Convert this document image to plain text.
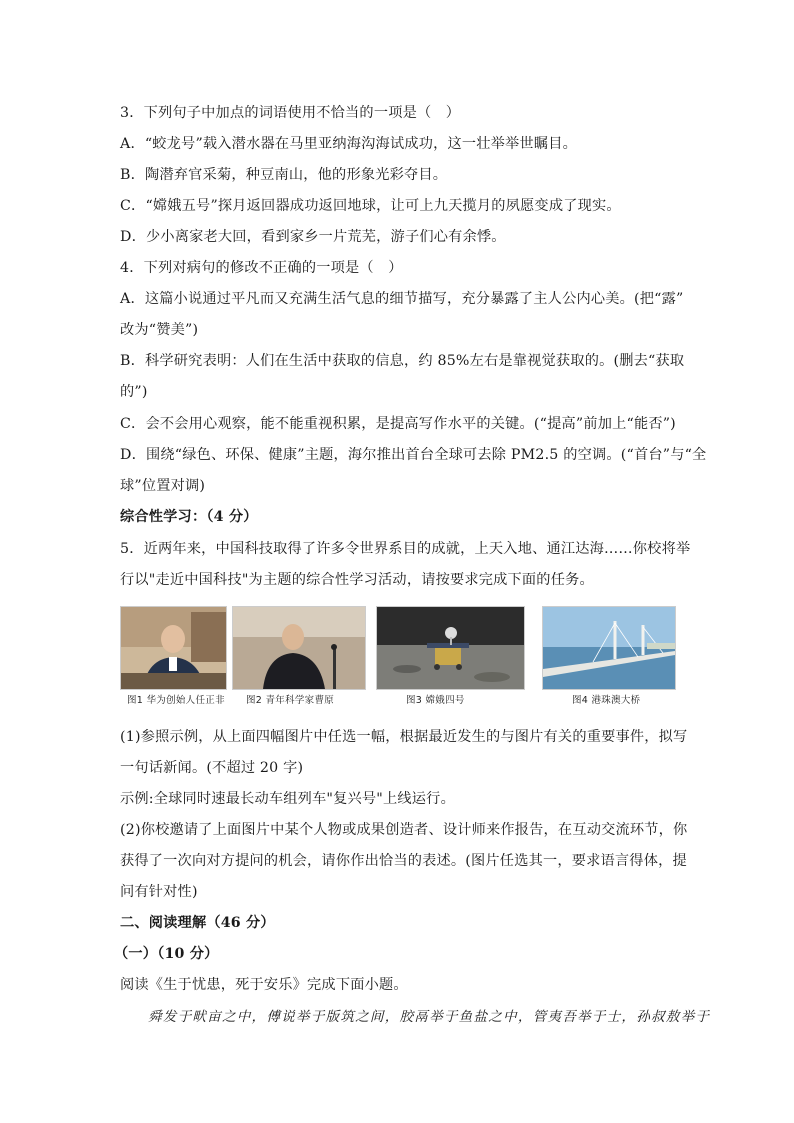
3．下列句子中加点的词语使用不恰当的一项是（　）
A．“蛟龙号”载入潜水器在马里亚纳海沟海试成功，这一壮举举世瞩目。
B．陶潜弃官采菊，种豆南山，他的形象光彩夺目。
C．“嫦娥五号”探月返回器成功返回地球，让可上九天揽月的夙愿变成了现实。
D．少小离家老大回，看到家乡一片荒芜，游子们心有余悸。
4．下列对病句的修改不正确的一项是（　）
A．这篇小说通过平凡而又充满生活气息的细节描写，充分暴露了主人公内心美。(把“露”
改为“赞美”)
B．科学研究表明：人们在生活中获取的信息，约 85%左右是靠视觉获取的。(删去“获取
的”)
C．会不会用心观察，能不能重视积累，是提高写作水平的关键。(“提高”前加上“能否”)
D．围绕“绿色、环保、健康”主题，海尔推出首台全球可去除 PM2.5 的空调。(“首台”与“全
球”位置对调)
综合性学习：（4 分）
5．近两年来，中国科技取得了许多令世界系目的成就，上天入地、通江达海……你校将举
行以"走近中国科技"为主题的综合性学习活动，请按要求完成下面的任务。
图1 华为创始人任正非 图2 青年科学家曹原	图3 嫦娥四号	图4 港珠澳大桥
(1)参照示例，从上面四幅图片中任选一幅，根据最近发生的与图片有关的重要事件，拟写
一句话新闻。(不超过 20 字)
示例:全球同时速最长动车组列车"复兴号"上线运行。
(2)你校邀请了上面图片中某个人物或成果创造者、设计师来作报告，在互动交流环节，你
获得了一次向对方提问的机会，请你作出恰当的表述。(图片任选其一，要求语言得体，提
问有针对性)
二、阅读理解（46 分）
（一）（10 分）
阅读《生于忧患，死于安乐》完成下面小题。
舜发于畎亩之中，傅说举于版筑之间，胶鬲举于鱼盐之中，管夷吾举于士，孙叔敖举于
